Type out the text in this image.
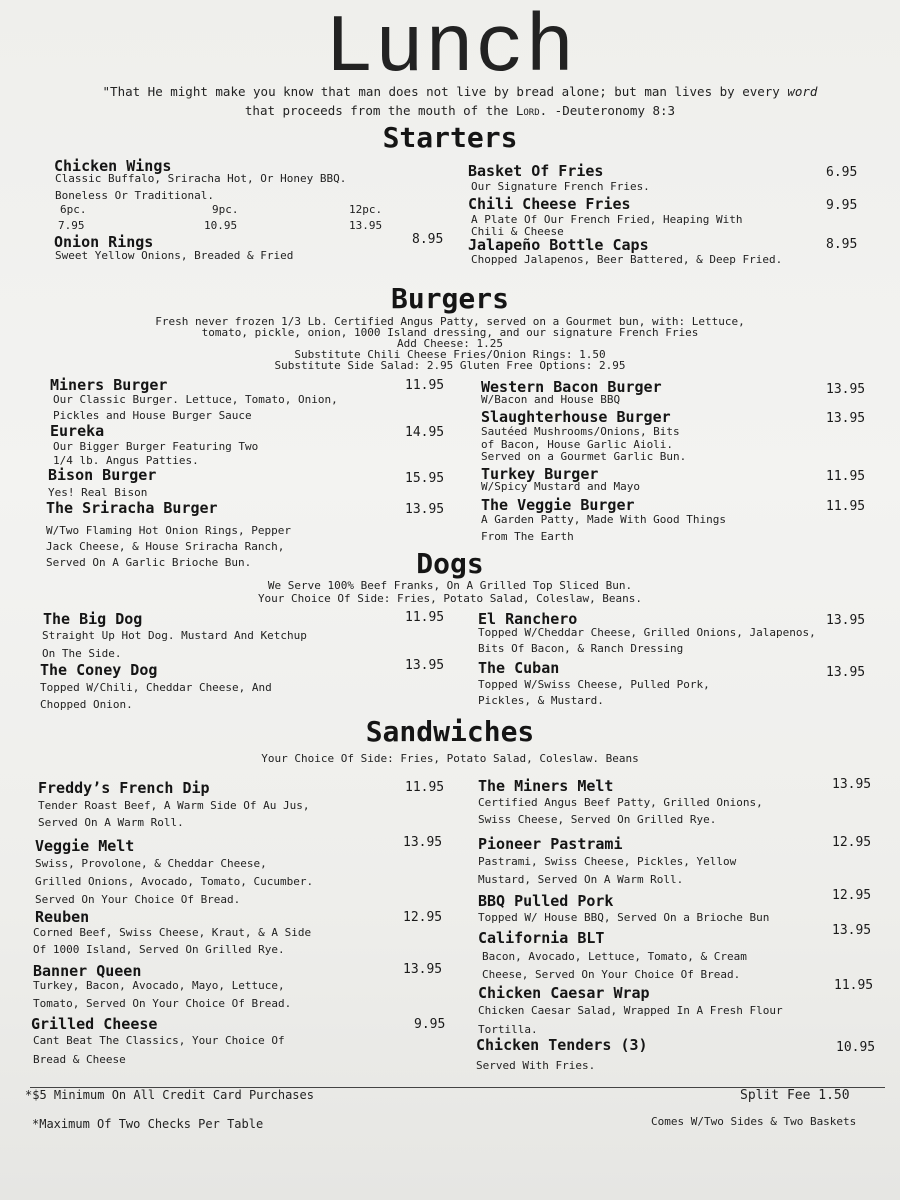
Lunch
"That He might make you know that man does not live by bread alone; but man lives by every word that proceeds from the mouth of the Lord. -Deuteronomy 8:3
Starters
Chicken Wings
Classic Buffalo, Sriracha Hot, Or Honey BBQ.
Boneless Or Traditional.
6pc.	9pc.	12pc.
7.95	10.95	13.95
Onion Rings	8.95
Sweet Yellow Onions, Breaded & Fried
Basket Of Fries	6.95
Our Signature French Fries.
Chili Cheese Fries	9.95
A Plate Of Our French Fried, Heaping With
Chili & Cheese
Jalapeño Bottle Caps	8.95
Chopped Jalapenos, Beer Battered, & Deep Fried.
Burgers
Fresh never frozen 1/3 Lb. Certified Angus Patty, served on a Gourmet bun, with: Lettuce,
tomato, pickle, onion, 1000 Island dressing, and our signature French Fries
Add Cheese: 1.25
Substitute Chili Cheese Fries/Onion Rings: 1.50
Substitute Side Salad: 2.95 Gluten Free Options: 2.95
Miners Burger	11.95
Our Classic Burger. Lettuce, Tomato, Onion,
Pickles and House Burger Sauce
Eureka	14.95
Our Bigger Burger Featuring Two
1/4 lb. Angus Patties.
Bison Burger	15.95
Yes! Real Bison
The Sriracha Burger	13.95
W/Two Flaming Hot Onion Rings, Pepper
Jack Cheese, & House Sriracha Ranch,
Served On A Garlic Brioche Bun.
Western Bacon Burger	13.95
W/Bacon and House BBQ
Slaughterhouse Burger	13.95
Sautéed Mushrooms/Onions, Bits
of Bacon, House Garlic Aioli.
Served on a Gourmet Garlic Bun.
Turkey Burger	11.95
W/Spicy Mustard and Mayo
The Veggie Burger	11.95
A Garden Patty, Made With Good Things
From The Earth
Dogs
We Serve 100% Beef Franks, On A Grilled Top Sliced Bun.
Your Choice Of Side: Fries, Potato Salad, Coleslaw, Beans.
The Big Dog	11.95
Straight Up Hot Dog. Mustard And Ketchup
On The Side.
The Coney Dog	13.95
Topped W/Chili, Cheddar Cheese, And
Chopped Onion.
El Ranchero	13.95
Topped W/Cheddar Cheese, Grilled Onions, Jalapenos,
Bits Of Bacon, & Ranch Dressing
The Cuban	13.95
Topped W/Swiss Cheese, Pulled Pork,
Pickles, & Mustard.
Sandwiches
Your Choice Of Side: Fries, Potato Salad, Coleslaw. Beans
Freddy’s French Dip	11.95
Tender Roast Beef, A Warm Side Of Au Jus,
Served On A Warm Roll.
Veggie Melt	13.95
Swiss, Provolone, & Cheddar Cheese,
Grilled Onions, Avocado, Tomato, Cucumber.
Served On Your Choice Of Bread.
Reuben	12.95
Corned Beef, Swiss Cheese, Kraut, & A Side
Of 1000 Island, Served On Grilled Rye.
Banner Queen	13.95
Turkey, Bacon, Avocado, Mayo, Lettuce,
Tomato, Served On Your Choice Of Bread.
Grilled Cheese	9.95
Cant Beat The Classics, Your Choice Of
Bread & Cheese
The Miners Melt	13.95
Certified Angus Beef Patty, Grilled Onions,
Swiss Cheese, Served On Grilled Rye.
Pioneer Pastrami	12.95
Pastrami, Swiss Cheese, Pickles, Yellow
Mustard, Served On A Warm Roll.
BBQ Pulled Pork	12.95
Topped W/ House BBQ, Served On a Brioche Bun
California BLT	13.95
Bacon, Avocado, Lettuce, Tomato, & Cream
Cheese, Served On Your Choice Of Bread.
Chicken Caesar Wrap	11.95
Chicken Caesar Salad, Wrapped In A Fresh Flour
Tortilla.
Chicken Tenders (3)	10.95
Served With Fries.
*$5 Minimum On All Credit Card Purchases
*Maximum Of Two Checks Per Table
Split Fee 1.50
Comes W/Two Sides & Two Baskets
